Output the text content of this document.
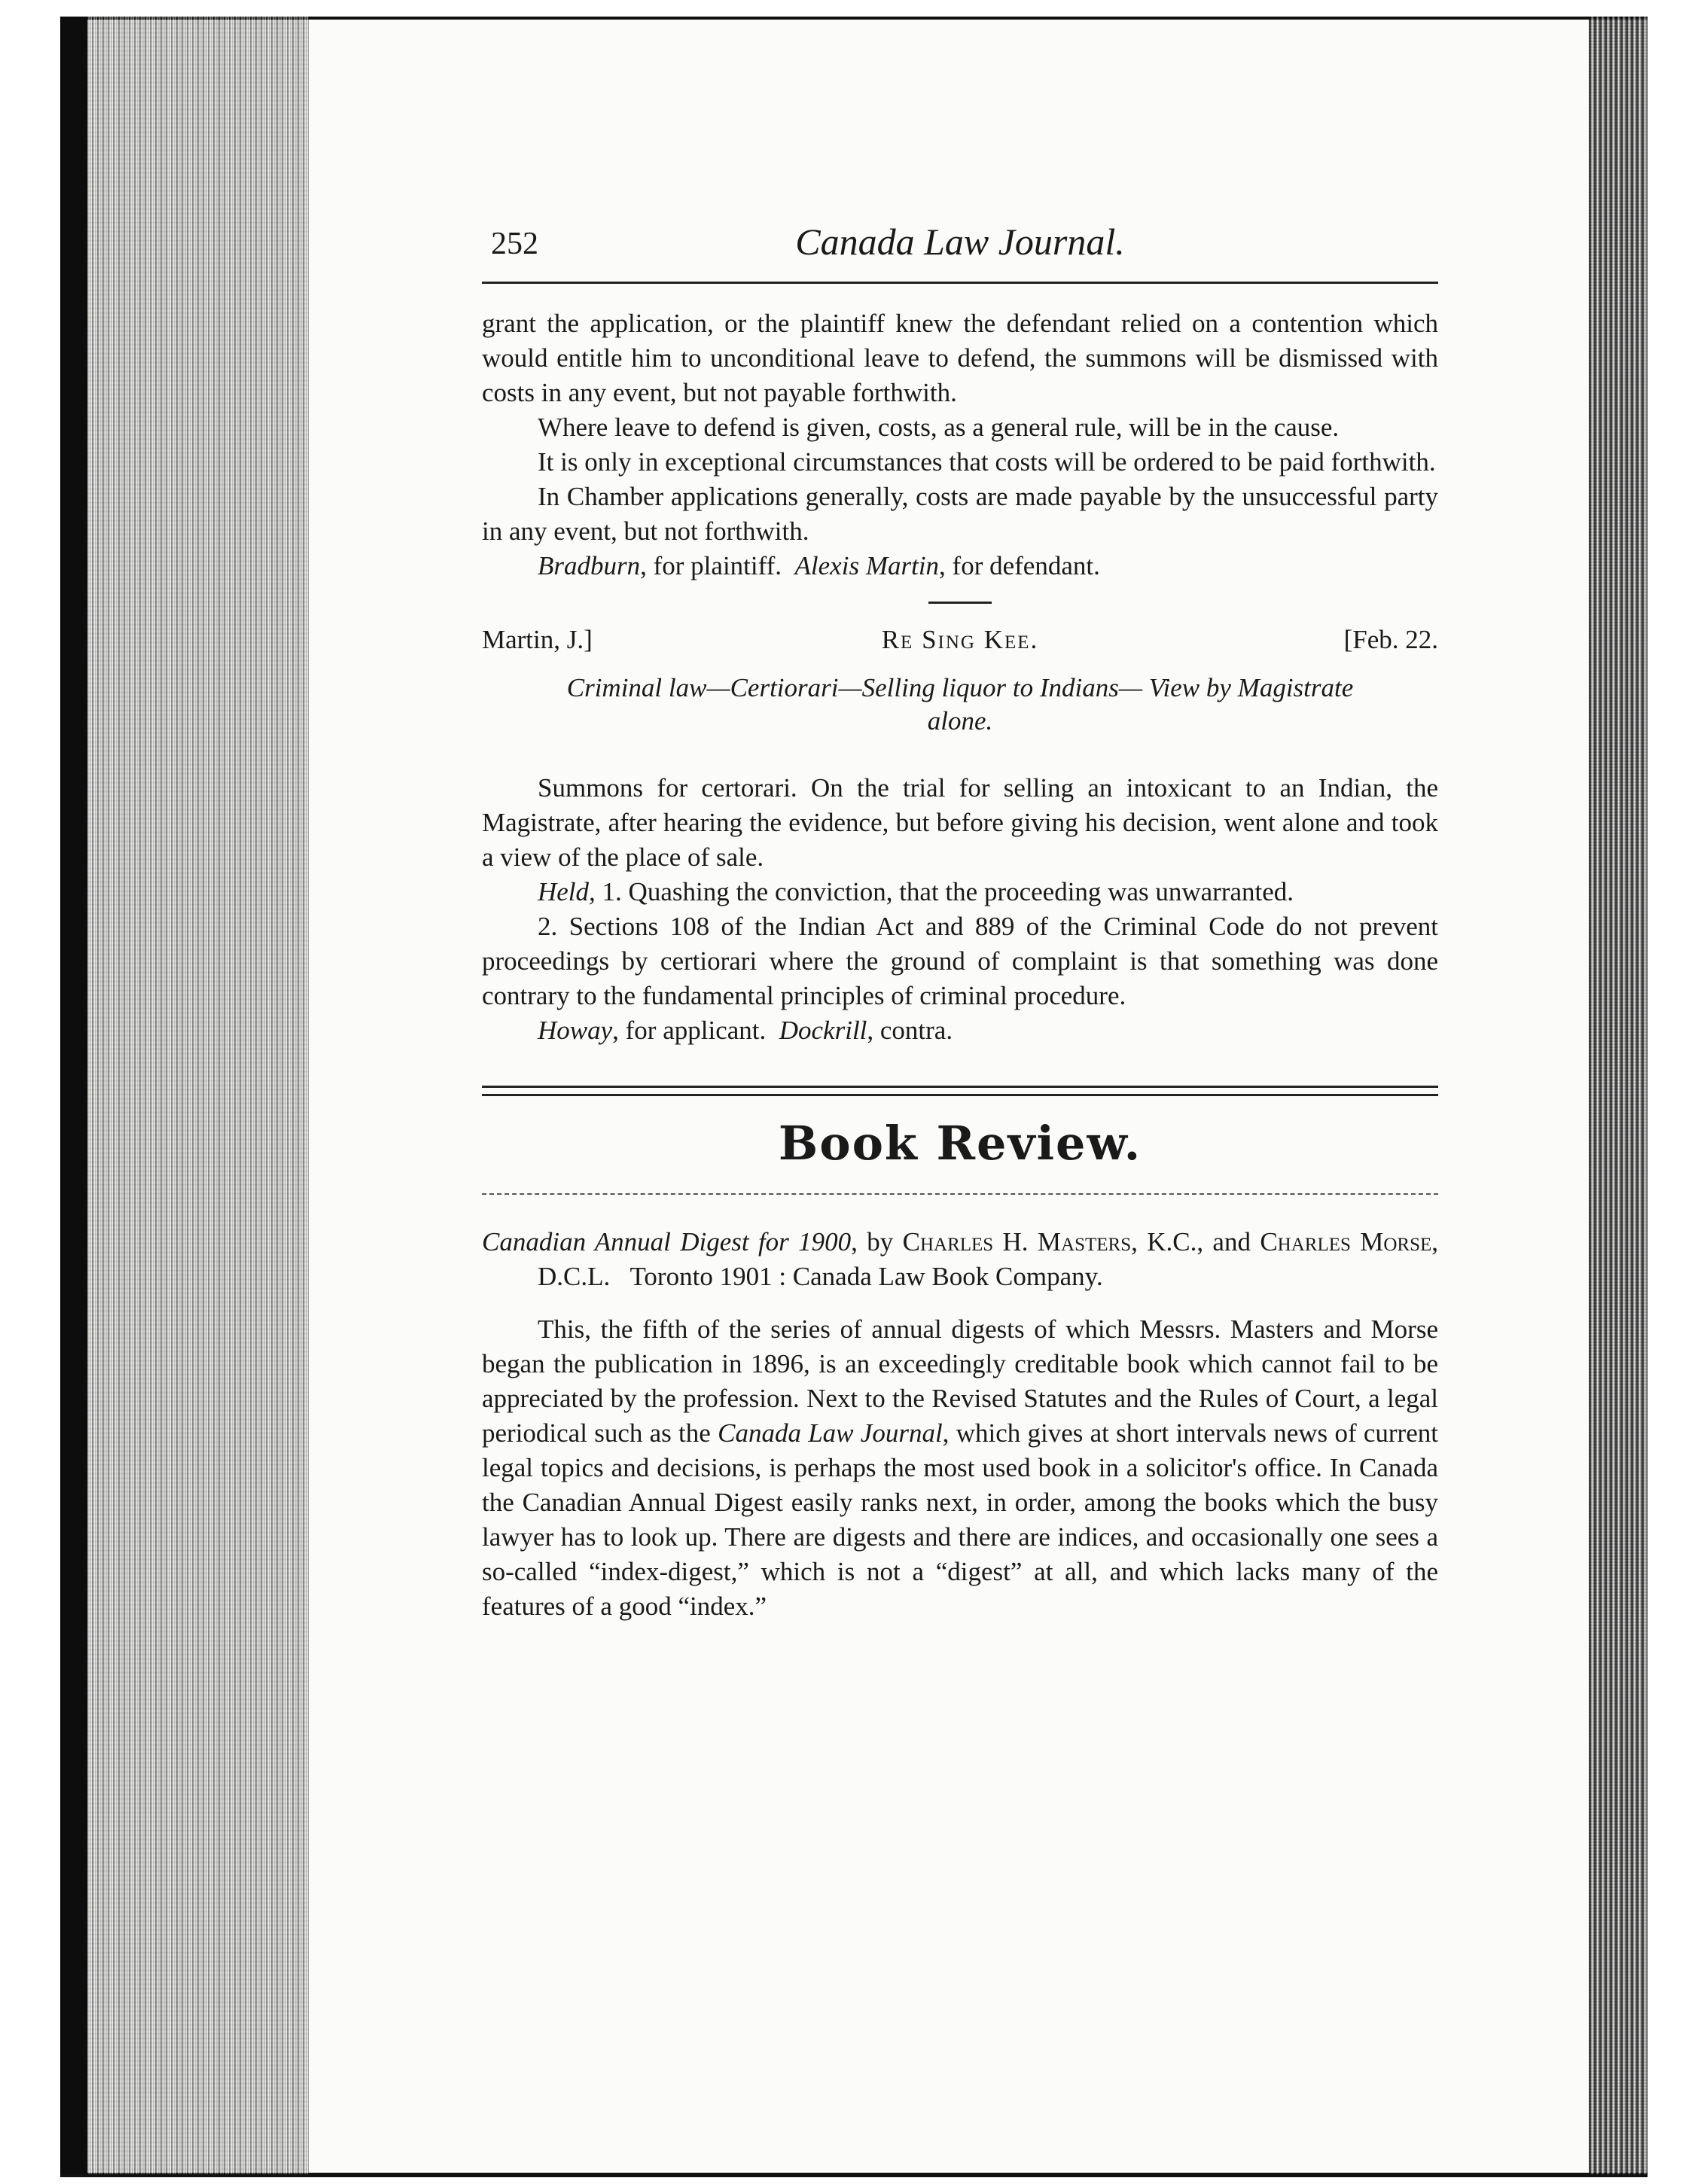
252	Canada Law Journal.

grant the application, or the plaintiff knew the defendant relied on a contention which would entitle him to unconditional leave to defend, the summons will be dismissed with costs in any event, but not payable forthwith.

Where leave to defend is given, costs, as a general rule, will be in the cause.

It is only in exceptional circumstances that costs will be ordered to be paid forthwith.

In Chamber applications generally, costs are made payable by the unsuccessful party in any event, but not forthwith.

Bradburn, for plaintiff. Alexis Martin, for defendant.

Martin, J.]	Re Sing Kee.	[Feb. 22.
Criminal law—Certiorari—Selling liquor to Indians— View by Magistrate
alone.

Summons for certorari. On the trial for selling an intoxicant to an Indian, the Magistrate, after hearing the evidence, but before giving his decision, went alone and took a view of the place of sale.

Held, 1. Quashing the conviction, that the proceeding was unwarranted.

2. Sections 108 of the Indian Act and 889 of the Criminal Code do not prevent proceedings by certiorari where the ground of complaint is that something was done contrary to the fundamental principles of criminal procedure.

Howay, for applicant. Dockrill, contra.

Book Review.

Canadian Annual Digest for 1900, by Charles H. Masters, K.C., and Charles Morse, D.C.L. Toronto 1901 : Canada Law Book Company.

This, the fifth of the series of annual digests of which Messrs. Masters and Morse began the publication in 1896, is an exceedingly creditable book which cannot fail to be appreciated by the profession. Next to the Revised Statutes and the Rules of Court, a legal periodical such as the Canada Law Journal, which gives at short intervals news of current legal topics and decisions, is perhaps the most used book in a solicitor's office. In Canada the Canadian Annual Digest easily ranks next, in order, among the books which the busy lawyer has to look up. There are digests and there are indices, and occasionally one sees a so-called “index-digest,” which is not a “digest” at all, and which lacks many of the features of a good “index.”
